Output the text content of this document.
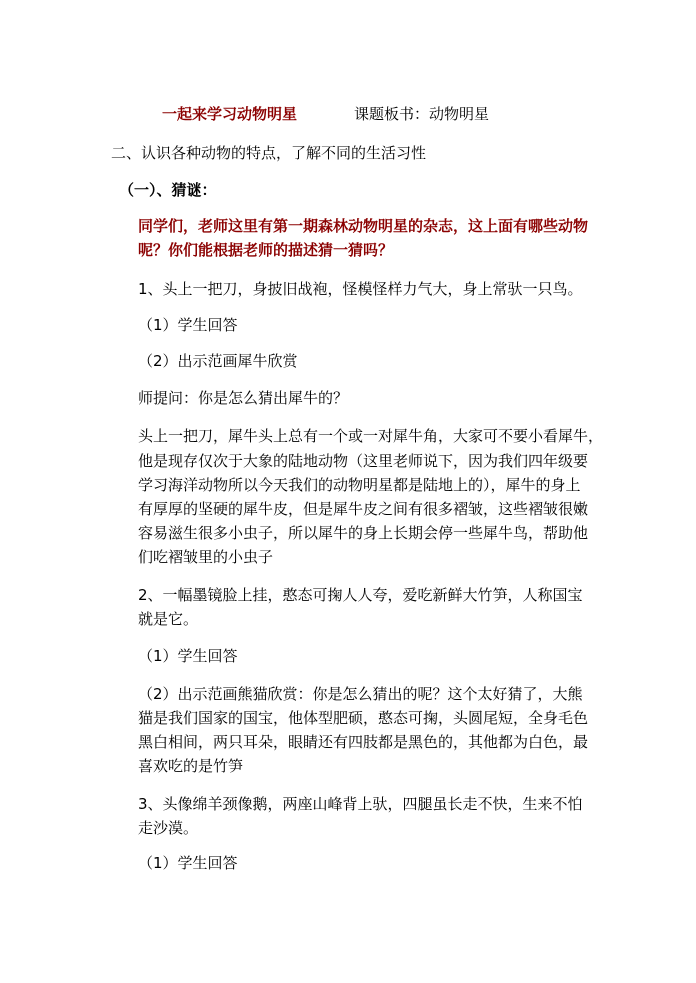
一起来学习动物明星	课题板书：动物明星
二、认识各种动物的特点，了解不同的生活习性
（一）、猜谜：
同学们，老师这里有第一期森林动物明星的杂志，这上面有哪些动物
呢？你们能根据老师的描述猜一猜吗？
1、头上一把刀，身披旧战袍，怪模怪样力气大，身上常驮一只鸟。
（1）学生回答
（2）出示范画犀牛欣赏
师提问：你是怎么猜出犀牛的？
头上一把刀，犀牛头上总有一个或一对犀牛角，大家可不要小看犀牛，
他是现存仅次于大象的陆地动物（这里老师说下，因为我们四年级要
学习海洋动物所以今天我们的动物明星都是陆地上的），犀牛的身上
有厚厚的坚硬的犀牛皮，但是犀牛皮之间有很多褶皱，这些褶皱很嫩
容易滋生很多小虫子，所以犀牛的身上长期会停一些犀牛鸟，帮助他
们吃褶皱里的小虫子
2、一幅墨镜脸上挂，憨态可掬人人夸，爱吃新鲜大竹笋，人称国宝
就是它。
（1）学生回答
（2）出示范画熊猫欣赏：你是怎么猜出的呢？这个太好猜了，大熊
猫是我们国家的国宝，他体型肥硕，憨态可掬，头圆尾短，全身毛色
黑白相间，两只耳朵，眼睛还有四肢都是黑色的，其他都为白色，最
喜欢吃的是竹笋
3、头像绵羊颈像鹅，两座山峰背上驮，四腿虽长走不快，生来不怕
走沙漠。
（1）学生回答
